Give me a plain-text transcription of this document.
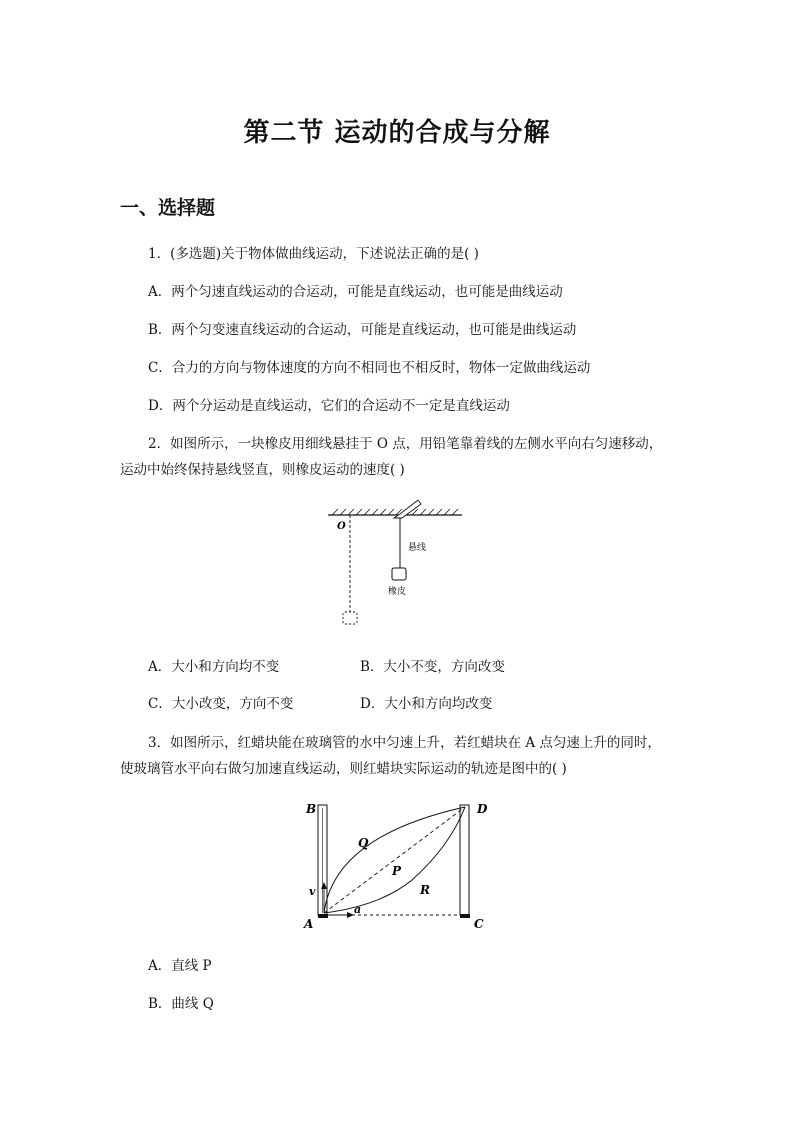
第二节 运动的合成与分解
一、选择题
1．(多选题)关于物体做曲线运动，下述说法正确的是( )
A．两个匀速直线运动的合运动，可能是直线运动，也可能是曲线运动
B．两个匀变速直线运动的合运动，可能是直线运动，也可能是曲线运动
C．合力的方向与物体速度的方向不相同也不相反时，物体一定做曲线运动
D．两个分运动是直线运动，它们的合运动不一定是直线运动
2．如图所示，一块橡皮用细线悬挂于 O 点，用铅笔靠着线的左侧水平向右匀速移动，
运动中始终保持悬线竖直，则橡皮运动的速度( )
O
悬线
橡皮
A．大小和方向均不变	B．大小不变，方向改变
C．大小改变，方向不变	D．大小和方向均改变
3．如图所示，红蜡块能在玻璃管的水中匀速上升，若红蜡块在 A 点匀速上升的同时，
使玻璃管水平向右做匀加速直线运动，则红蜡块实际运动的轨迹是图中的( )
B	D
A	C
Q
P
R
v
a
A．直线 P
B．曲线 Q
